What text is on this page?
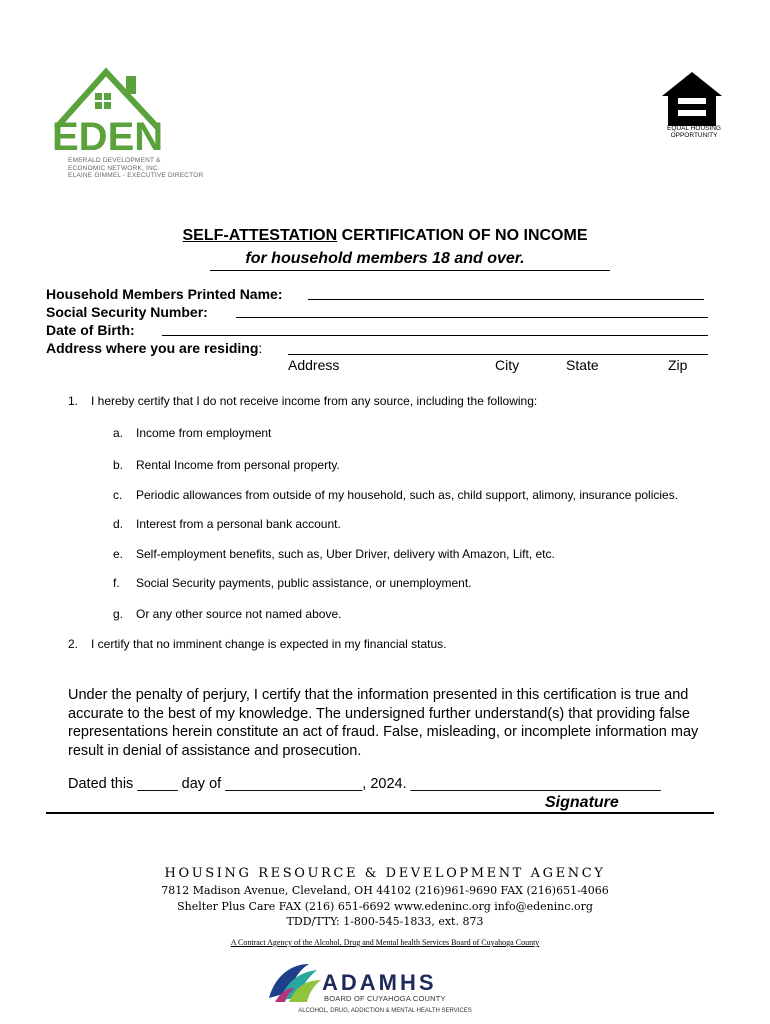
EDEN
EMERALD DEVELOPMENT &
ECONOMIC NETWORK, INC.
ELAINE GIMMEL - EXECUTIVE DIRECTOR
EQUAL HOUSING
OPPORTUNITY
SELF-ATTESTATION CERTIFICATION OF NO INCOME
for household members 18 and over.
Household Members Printed Name:
Social Security Number:
Date of Birth:
Address where you are residing:
Address	City	State	Zip
1. I hereby certify that I do not receive income from any source, including the following:
a. Income from employment
b. Rental Income from personal property.
c. Periodic allowances from outside of my household, such as, child support, alimony, insurance policies.
d. Interest from a personal bank account.
e. Self-employment benefits, such as, Uber Driver, delivery with Amazon, Lift, etc.
f. Social Security payments, public assistance, or unemployment.
g. Or any other source not named above.
2. I certify that no imminent change is expected in my financial status.
Under the penalty of perjury, I certify that the information presented in this certification is true and accurate to the best of my knowledge. The undersigned further understand(s) that providing false representations herein constitute an act of fraud. False, misleading, or incomplete information may result in denial of assistance and prosecution.
Dated this _____ day of _________________, 2024. _______________________________
Signature
HOUSING RESOURCE & DEVELOPMENT AGENCY
7812 Madison Avenue, Cleveland, OH 44102 (216)961-9690 FAX (216)651-4066
Shelter Plus Care FAX (216) 651-6692 www.edeninc.org info@edeninc.org
TDD/TTY: 1-800-545-1833, ext. 873
A Contract Agency of the Alcohol, Drug and Mental health Services Board of Cuyahoga County
ADAMHS
BOARD OF CUYAHOGA COUNTY
ALCOHOL, DRUG, ADDICTION & MENTAL HEALTH SERVICES
